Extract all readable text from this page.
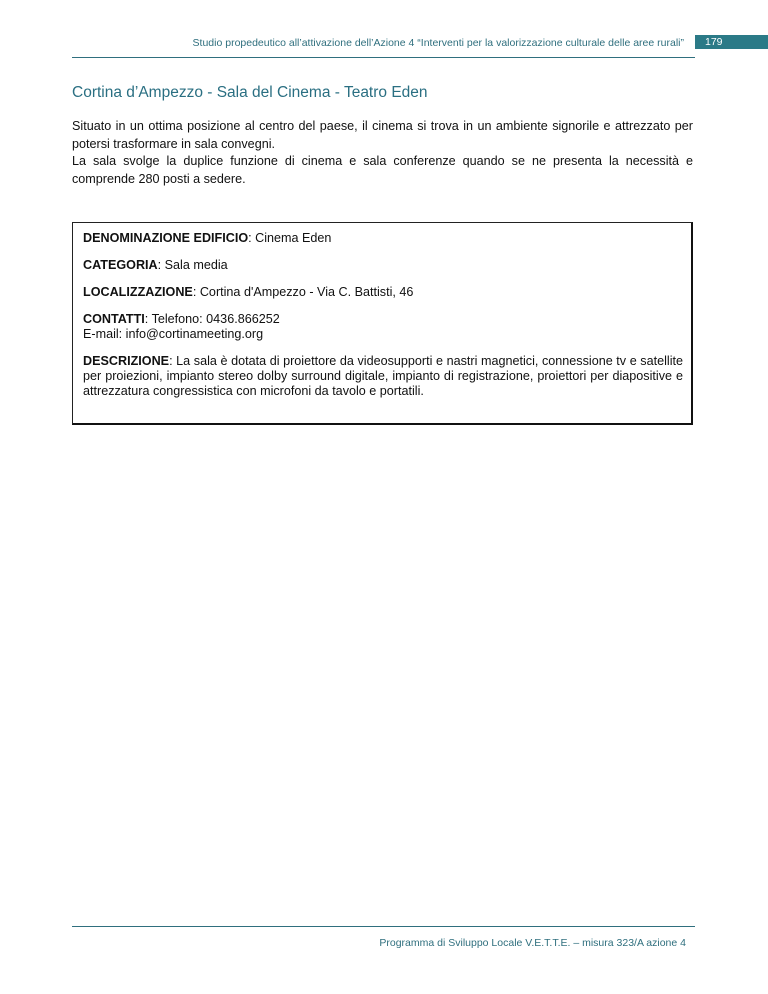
Studio propedeutico all’attivazione dell’Azione 4 “Interventi per la valorizzazione culturale delle aree rurali”	179
Cortina d’Ampezzo - Sala del Cinema - Teatro Eden

Situato in un ottima posizione al centro del paese, il cinema si trova in un ambiente signorile e attrezzato per potersi trasformare in sala convegni.

La sala svolge la duplice funzione di cinema e sala conferenze quando se ne presenta la necessità e comprende 280 posti a sedere.

DENOMINAZIONE EDIFICIO: Cinema Eden
CATEGORIA: Sala media
LOCALIZZAZIONE: Cortina d'Ampezzo - Via C. Battisti, 46
CONTATTI: Telefono: 0436.866252
E-mail: info@cortinameeting.org
DESCRIZIONE: La sala è dotata di proiettore da videosupporti e nastri magnetici, connessione tv e satellite per proiezioni, impianto stereo dolby surround digitale, impianto di registrazione, proiettori per diapositive e attrezzatura congressistica con microfoni da tavolo e portatili.
Programma di Sviluppo Locale V.E.T.T.E. – misura 323/A azione 4
